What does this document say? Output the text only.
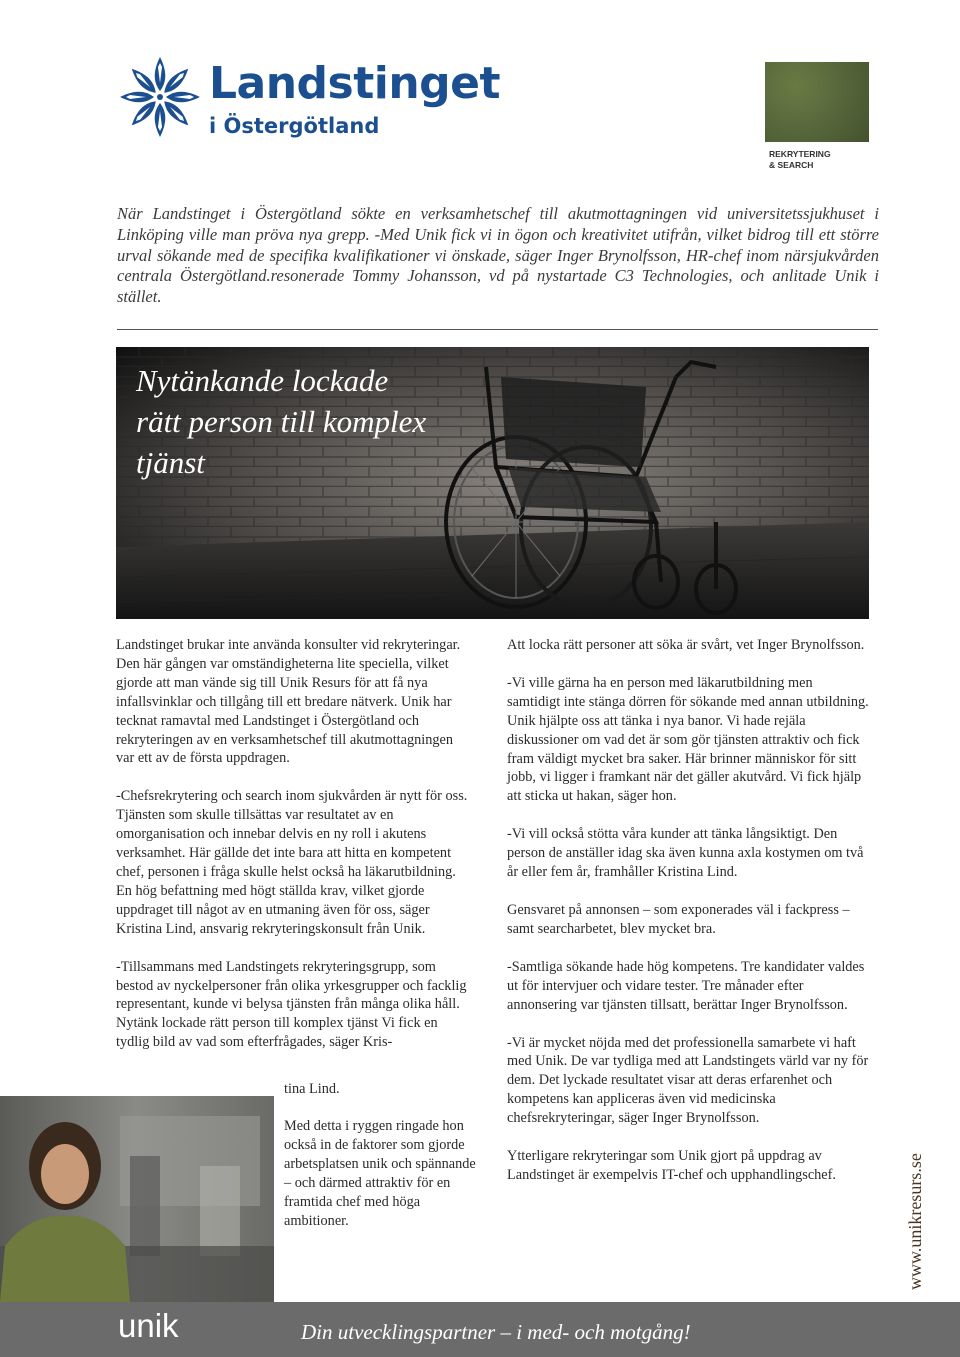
Landstinget
i Östergötland
REKRYTERING
& SEARCH
När Landstinget i Östergötland sökte en verksamhetschef till akutmottagningen vid universitetssjukhuset i Linköping ville man pröva nya grepp. -Med Unik fick vi in ögon och kreativitet utifrån, vilket bidrog till ett större urval sökande med de specifika kvalifikationer vi önskade, säger Inger Brynolfsson, HR-chef inom närsjukvården centrala Östergötland.resonerade Tommy Johansson, vd på nystartade C3 Technologies, och anlitade Unik i stället.
Nytänkande lockade
rätt person till komplex
tjänst

Landstinget brukar inte använda konsulter vid rekryteringar. Den här gången var omständigheterna lite speciella, vilket gjorde att man vände sig till Unik Resurs för att få nya infallsvinklar och tillgång till ett bredare nätverk. Unik har tecknat ramavtal med Landstinget i Östergötland och rekryteringen av en verksamhetschef till akutmottagningen var ett av de första uppdragen.

-Chefsrekrytering och search inom sjukvården är nytt för oss. Tjänsten som skulle tillsättas var resultatet av en omorganisation och innebar delvis en ny roll i akutens verksamhet. Här gällde det inte bara att hitta en kompetent chef, personen i fråga skulle helst också ha läkarutbildning. En hög befattning med högt ställda krav, vilket gjorde uppdraget till något av en utmaning även för oss, säger Kristina Lind, ansvarig rekryteringskonsult från Unik.

-Tillsammans med Landstingets rekryteringsgrupp, som bestod av nyckelpersoner från olika yrkesgrupper och facklig representant, kunde vi belysa tjänsten från många olika håll. Nytänk lockade rätt person till komplex tjänst Vi fick en tydlig bild av vad som efterfrågades, säger Kris-

tina Lind.
Med detta i ryggen ringade hon också in de faktorer som gjorde arbetsplatsen unik och spännande – och därmed attraktiv för en framtida chef med höga ambitioner.

Att locka rätt personer att söka är svårt, vet Inger Brynolfsson.

-Vi ville gärna ha en person med läkarutbildning men samtidigt inte stänga dörren för sökande med annan utbildning. Unik hjälpte oss att tänka i nya banor. Vi hade rejäla diskussioner om vad det är som gör tjänsten attraktiv och fick fram väldigt mycket bra saker. Här brinner människor för sitt jobb, vi ligger i framkant när det gäller akutvård. Vi fick hjälp att sticka ut hakan, säger hon.

-Vi vill också stötta våra kunder att tänka långsiktigt. Den person de anställer idag ska även kunna axla kostymen om två år eller fem år, framhåller Kristina Lind.

Gensvaret på annonsen – som exponerades väl i fackpress – samt searcharbetet, blev mycket bra.

-Samtliga sökande hade hög kompetens. Tre kandidater valdes ut för intervjuer och vidare tester. Tre månader efter annonsering var tjänsten tillsatt, berättar Inger Brynolfsson.

-Vi är mycket nöjda med det professionella samarbete vi haft med Unik. De var tydliga med att Landstingets värld var ny för dem. Det lyckade resultatet visar att deras erfarenhet och kompetens kan appliceras även vid medicinska chefsrekryteringar, säger Inger Brynolfsson.

Ytterligare rekryteringar som Unik gjort på uppdrag av Landstinget är exempelvis IT-chef och upphandlingschef.	www.unikresurs.se
unik	Din utvecklingspartner – i med- och motgång!
